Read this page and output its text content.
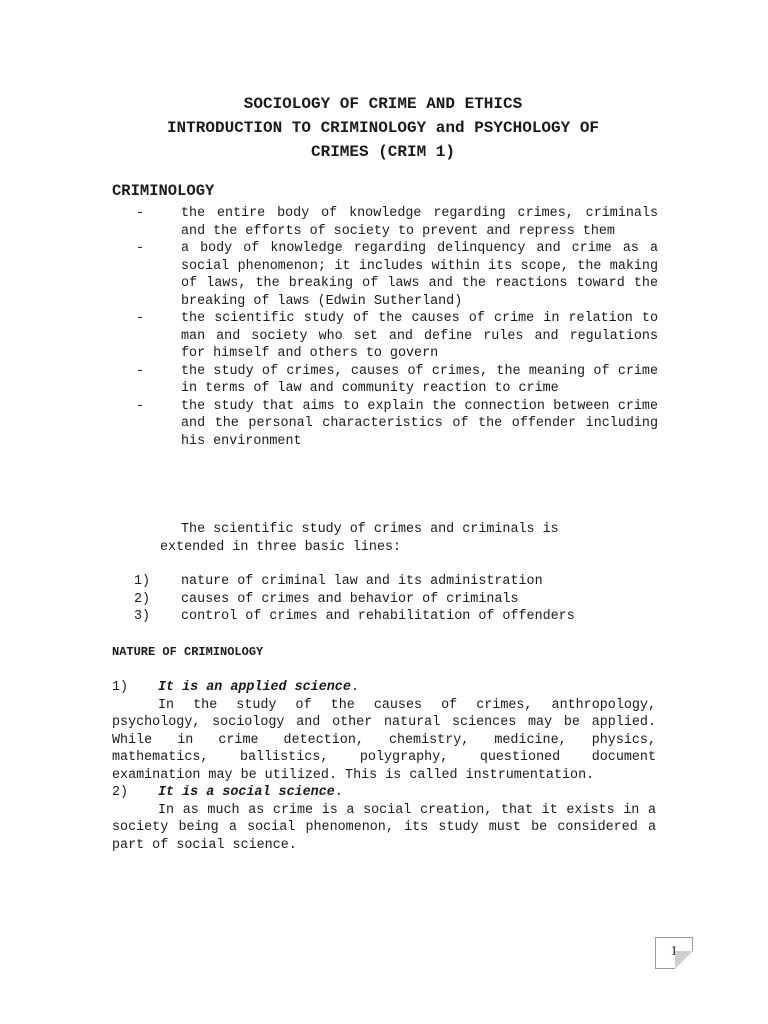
SOCIOLOGY OF CRIME AND ETHICS
INTRODUCTION TO CRIMINOLOGY and PSYCHOLOGY OF
CRIMES (CRIM 1)
CRIMINOLOGY
-	the entire body of knowledge regarding crimes, criminals and the efforts of society to prevent and repress them
-	a body of knowledge regarding delinquency and crime as a social phenomenon; it includes within its scope, the making of laws, the breaking of laws and the reactions toward the breaking of laws (Edwin Sutherland)
-	the scientific study of the causes of crime in relation to man and society who set and define rules and regulations for himself and others to govern
-	the study of crimes, causes of crimes, the meaning of crime in terms of law and community reaction to crime
-	the study that aims to explain the connection between crime and the personal characteristics of the offender including his environment
The scientific study of crimes and criminals is
extended in three basic lines:
1) nature of criminal law and its administration
2) causes of crimes and behavior of criminals
3) control of crimes and rehabilitation of offenders
NATURE OF CRIMINOLOGY
1) It is an applied science.
In the study of the causes of crimes, anthropology, psychology, sociology and other natural sciences may be applied. While in crime detection, chemistry, medicine, physics, mathematics, ballistics, polygraphy, questioned document examination may be utilized. This is called instrumentation.
2) It is a social science.
In as much as crime is a social creation, that it exists in a society being a social phenomenon, its study must be considered a part of social science.
1
